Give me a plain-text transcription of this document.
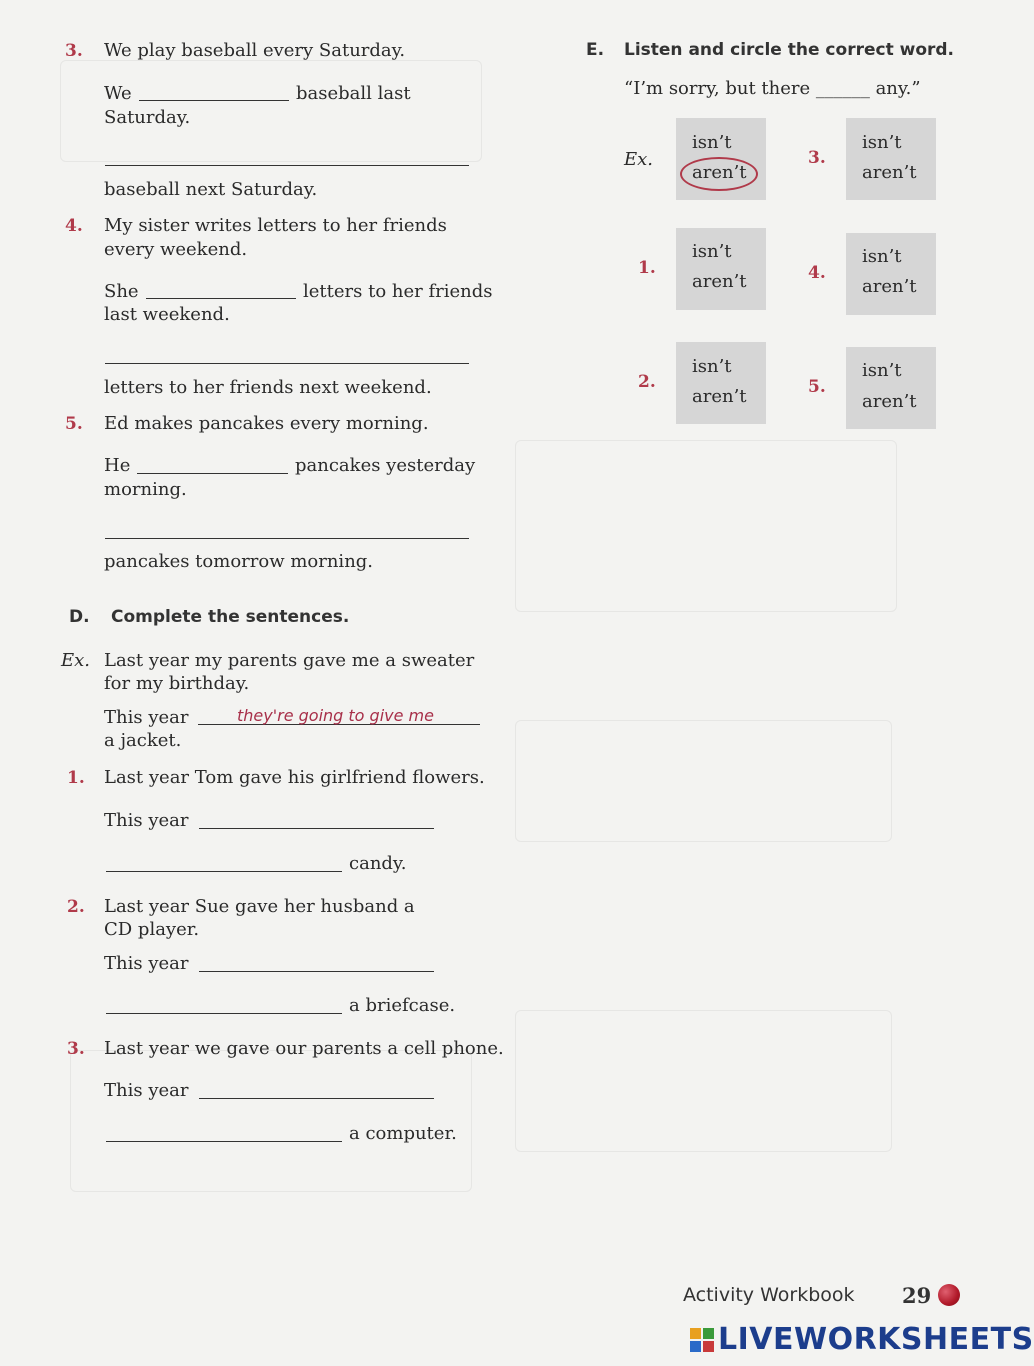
3. We play baseball every Saturday.
We	baseball last
Saturday.
baseball next Saturday.
4. My sister writes letters to her friends
every weekend.
She	letters to her friends
last weekend.
letters to her friends next weekend.
5. Ed makes pancakes every morning.
He	pancakes yesterday
morning.
pancakes tomorrow morning.
D. Complete the sentences.
Ex. Last year my parents gave me a sweater
for my birthday.
This year	they're going to give me
a jacket.
1. Last year Tom gave his girlfriend flowers.
This year
candy.
2. Last year Sue gave her husband a
CD player.
This year
a briefcase.
3. Last year we gave our parents a cell phone.
This year
a computer.
E. Listen and circle the correct word.
“I’m sorry, but there ______ any.”
Ex.
isn’t
aren’t
1.
isn’t
aren’t
2.
isn’t
aren’t
3.
isn’t
aren’t
4.
isn’t
aren’t
5.
isn’t
aren’t
Activity Workbook 29
LIVEWORKSHEETS
